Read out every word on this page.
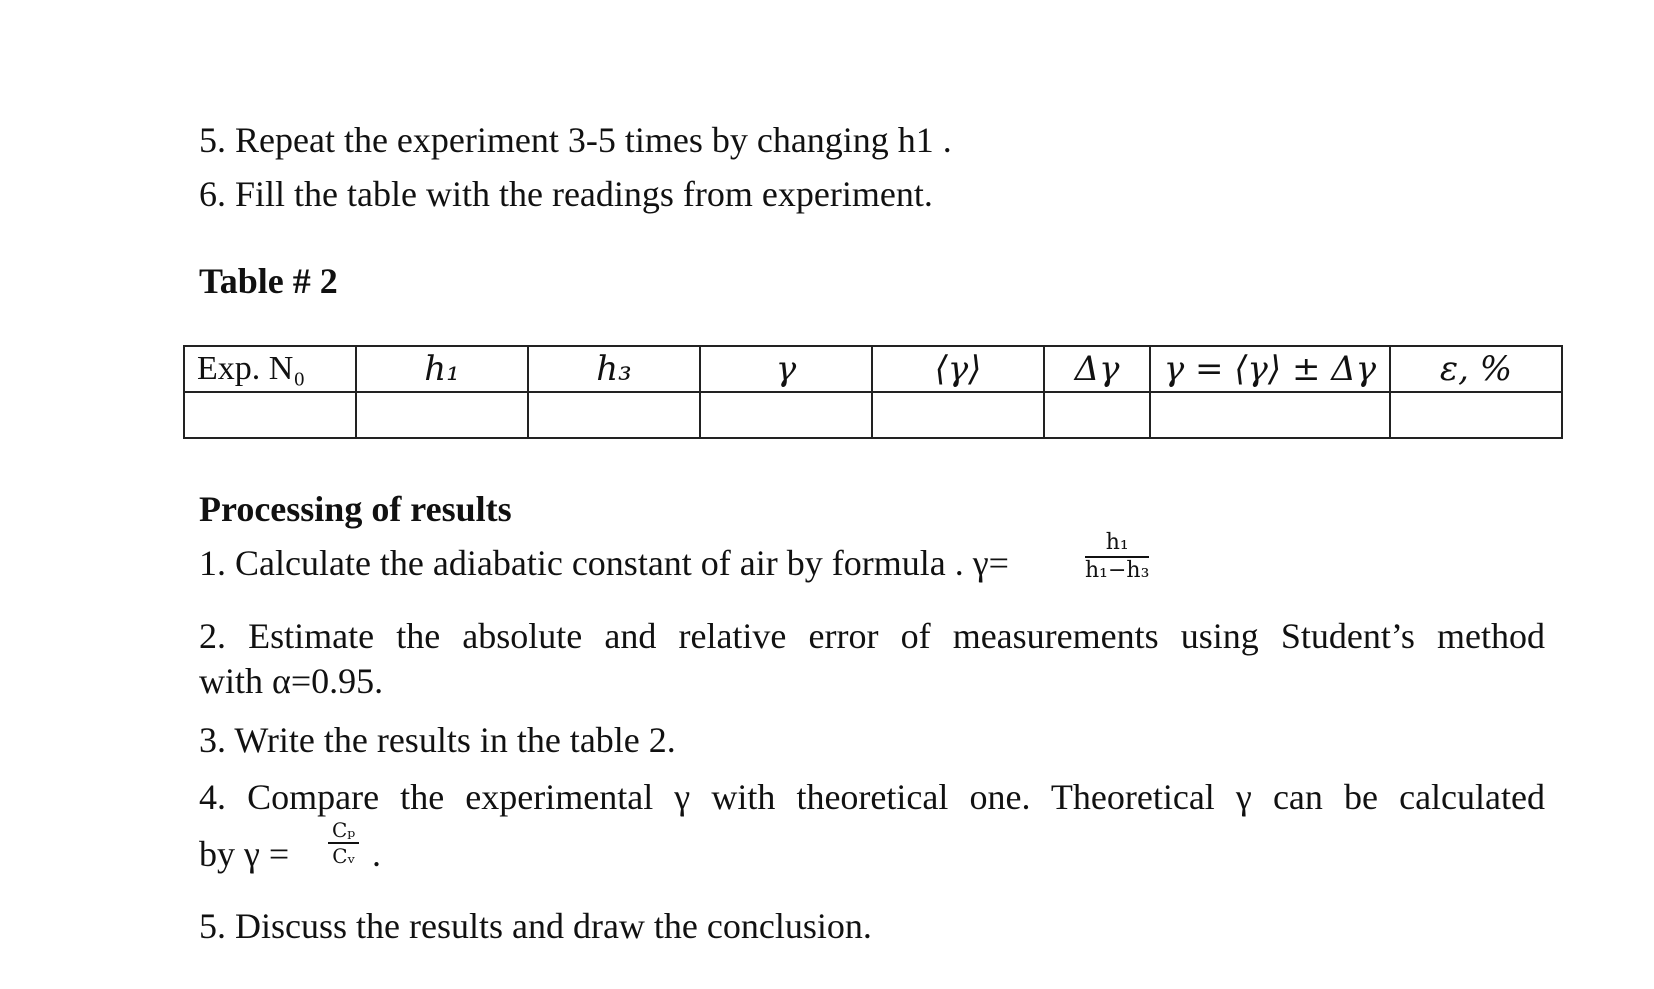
5. Repeat the experiment 3-5 times by changing h1 .
6. Fill the table with the readings from experiment.
Table # 2
Exp. N₀	h₁	h₃	γ	⟨γ⟩	Δγ	γ = ⟨γ⟩ ± Δγ	ε, %

Processing of results
1. Calculate the adiabatic constant of air by formula . γ=	$\frac{\text{h₁}}{\text{h₁−h₃}}$
2. Estimate the absolute and relative error of measurements using Student’s method
with α=0.95.
3. Write the results in the table 2.
4. Compare the experimental γ with theoretical one. Theoretical γ can be calculated
by $\gamma = \frac{\text{Cₚ}}{\text{Cᵥ}}$ .
5. Discuss the results and draw the conclusion.
